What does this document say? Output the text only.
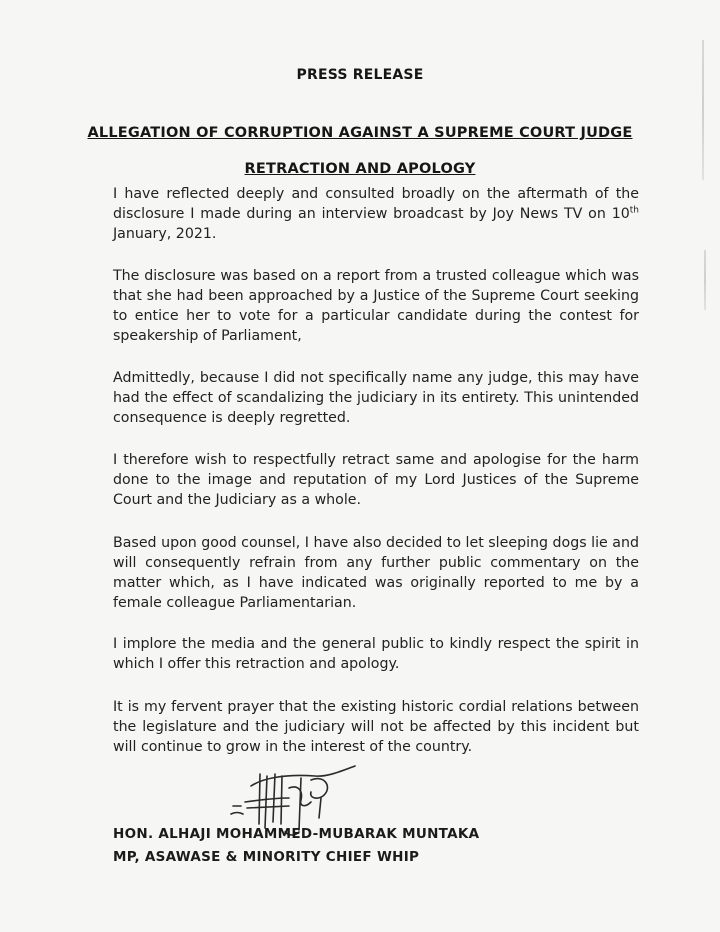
PRESS RELEASE
ALLEGATION OF CORRUPTION AGAINST A SUPREME COURT JUDGE
RETRACTION AND APOLOGY
I have reflected deeply and consulted broadly on the aftermath of the disclosure I made during an interview broadcast by Joy News TV on 10th January, 2021.
The disclosure was based on a report from a trusted colleague which was that she had been approached by a Justice of the Supreme Court seeking to entice her to vote for a particular candidate during the contest for speakership of Parliament,
Admittedly, because I did not specifically name any judge, this may have had the effect of scandalizing the judiciary in its entirety. This unintended consequence is deeply regretted.
I therefore wish to respectfully retract same and apologise for the harm done to the image and reputation of my Lord Justices of the Supreme Court and the Judiciary as a whole.
Based upon good counsel, I have also decided to let sleeping dogs lie and will consequently refrain from any further public commentary on the matter which, as I have indicated was originally reported to me by a female colleague Parliamentarian.
I implore the media and the general public to kindly respect the spirit in which I offer this retraction and apology.
It is my fervent prayer that the existing historic cordial relations between the legislature and the judiciary will not be affected by this incident but will continue to grow in the interest of the country.
HON. ALHAJI MOHAMMED-MUBARAK MUNTAKA
MP, ASAWASE & MINORITY CHIEF WHIP
